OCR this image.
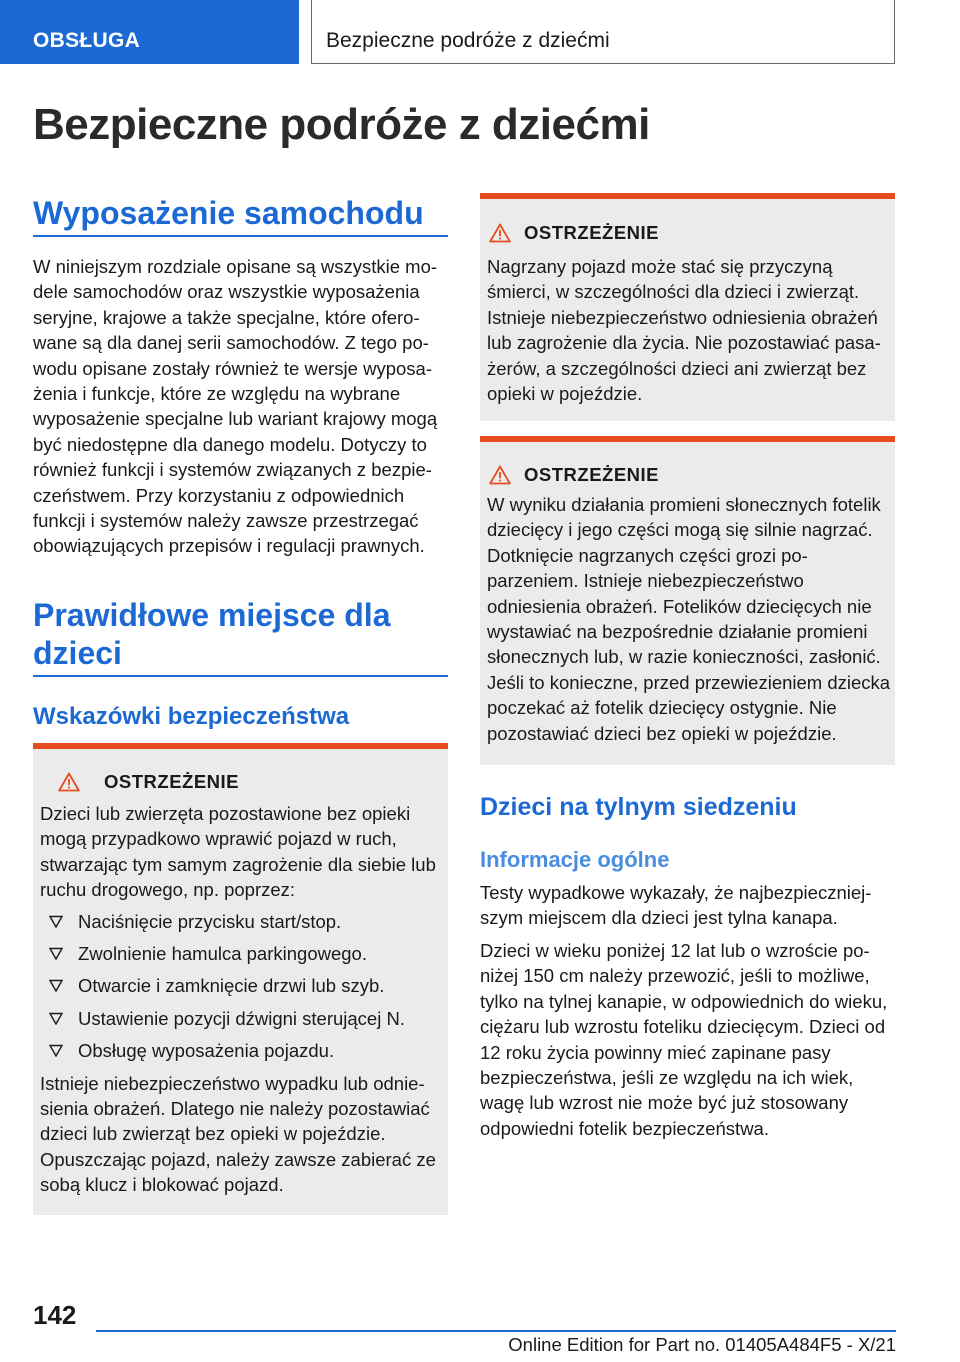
OBSŁUGA	Bezpieczne podróże z dziećmi
Bezpieczne podróże z dziećmi
Wyposażenie samochodu

W niniejszym rozdziale opisane są wszystkie modele samochodów oraz wszystkie wyposażenia seryjne, krajowe a także specjalne, które oferowane są dla danej serii samochodów. Z tego powodu opisane zostały również te wersje wyposażenia i funkcje, które ze względu na wybrane wyposażenie specjalne lub wariant krajowy mogą być niedostępne dla danego modelu. Dotyczy to również funkcji i systemów związanych z bezpieczeństwem. Przy korzystaniu z odpowiednich funkcji i systemów należy zawsze przestrzegać obowiązujących przepisów i regulacji prawnych.

Prawidłowe miejsce dla dzieci
Wskazówki bezpieczeństwa
OSTRZEŻENIE

Dzieci lub zwierzęta pozostawione bez opieki mogą przypadkowo wprawić pojazd w ruch, stwarzając tym samym zagrożenie dla siebie lub ruchu drogowego, np. poprzez:

Naciśnięcie przycisku start/stop.
Zwolnienie hamulca parkingowego.
Otwarcie i zamknięcie drzwi lub szyb.
Ustawienie pozycji dźwigni sterującej N.
Obsługę wyposażenia pojazdu.

Istnieje niebezpieczeństwo wypadku lub odniesienia obrażeń. Dlatego nie należy pozostawiać dzieci lub zwierząt bez opieki w pojeździe. Opuszczając pojazd, należy zawsze zabierać ze sobą klucz i blokować pojazd.

OSTRZEŻENIE

Nagrzany pojazd może stać się przyczyną śmierci, w szczególności dla dzieci i zwierząt. Istnieje niebezpieczeństwo odniesienia obrażeń lub zagrożenie dla życia. Nie pozostawiać pasażerów, a szczególności dzieci ani zwierząt bez opieki w pojeździe.

OSTRZEŻENIE

W wyniku działania promieni słonecznych fotelik dziecięcy i jego części mogą się silnie nagrzać. Dotknięcie nagrzanych części grozi poparzeniem. Istnieje niebezpieczeństwo odniesienia obrażeń. Fotelików dziecięcych nie wystawiać na bezpośrednie działanie promieni słonecznych lub, w razie konieczności, zasłonić. Jeśli to konieczne, przed przewiezieniem dziecka poczekać aż fotelik dziecięcy ostygnie. Nie pozostawiać dzieci bez opieki w pojeździe.

Dzieci na tylnym siedzeniu
Informacje ogólne

Testy wypadkowe wykazały, że najbezpieczniejszym miejscem dla dzieci jest tylna kanapa.

Dzieci w wieku poniżej 12 lat lub o wzroście poniżej 150 cm należy przewozić, jeśli to możliwe, tylko na tylnej kanapie, w odpowiednich do wieku, ciężaru lub wzrostu foteliku dziecięcym. Dzieci od 12 roku życia powinny mieć zapinane pasy bezpieczeństwa, jeśli ze względu na ich wiek, wagę lub wzrost nie może być już stosowany odpowiedni fotelik bezpieczeństwa.

142
Online Edition for Part no. 01405A484F5 - X/21
